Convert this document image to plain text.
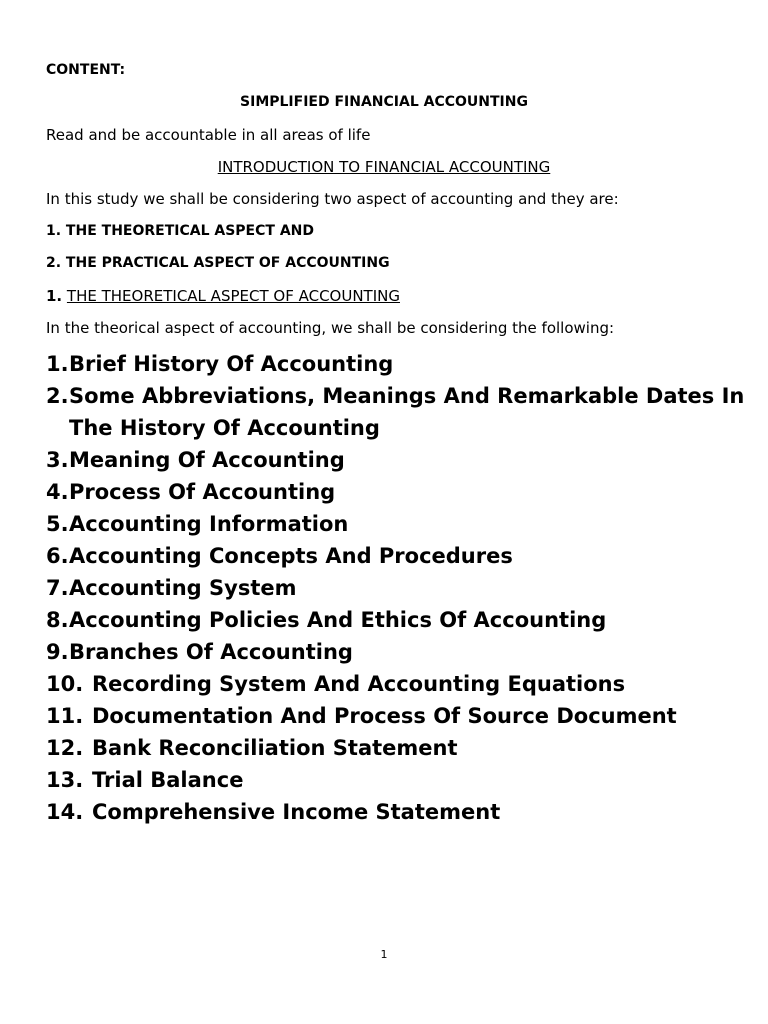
CONTENT:
SIMPLIFIED FINANCIAL ACCOUNTING
Read and be accountable in all areas of life
INTRODUCTION TO FINANCIAL ACCOUNTING
In this study we shall be considering two aspect of accounting and they are:
1. THE THEORETICAL ASPECT AND
2. THE PRACTICAL ASPECT OF ACCOUNTING
1. THE THEORETICAL ASPECT OF ACCOUNTING
In the theorical aspect of accounting, we shall be considering the following:
1. Brief History Of Accounting
2. Some Abbreviations, Meanings And Remarkable Dates In The History Of Accounting
3. Meaning Of Accounting
4. Process Of Accounting
5. Accounting Information
6. Accounting Concepts And Procedures
7. Accounting System
8. Accounting Policies And Ethics Of Accounting
9. Branches Of Accounting
10. Recording System And Accounting Equations
11. Documentation And Process Of Source Document
12. Bank Reconciliation Statement
13. Trial Balance
14. Comprehensive Income Statement
1
